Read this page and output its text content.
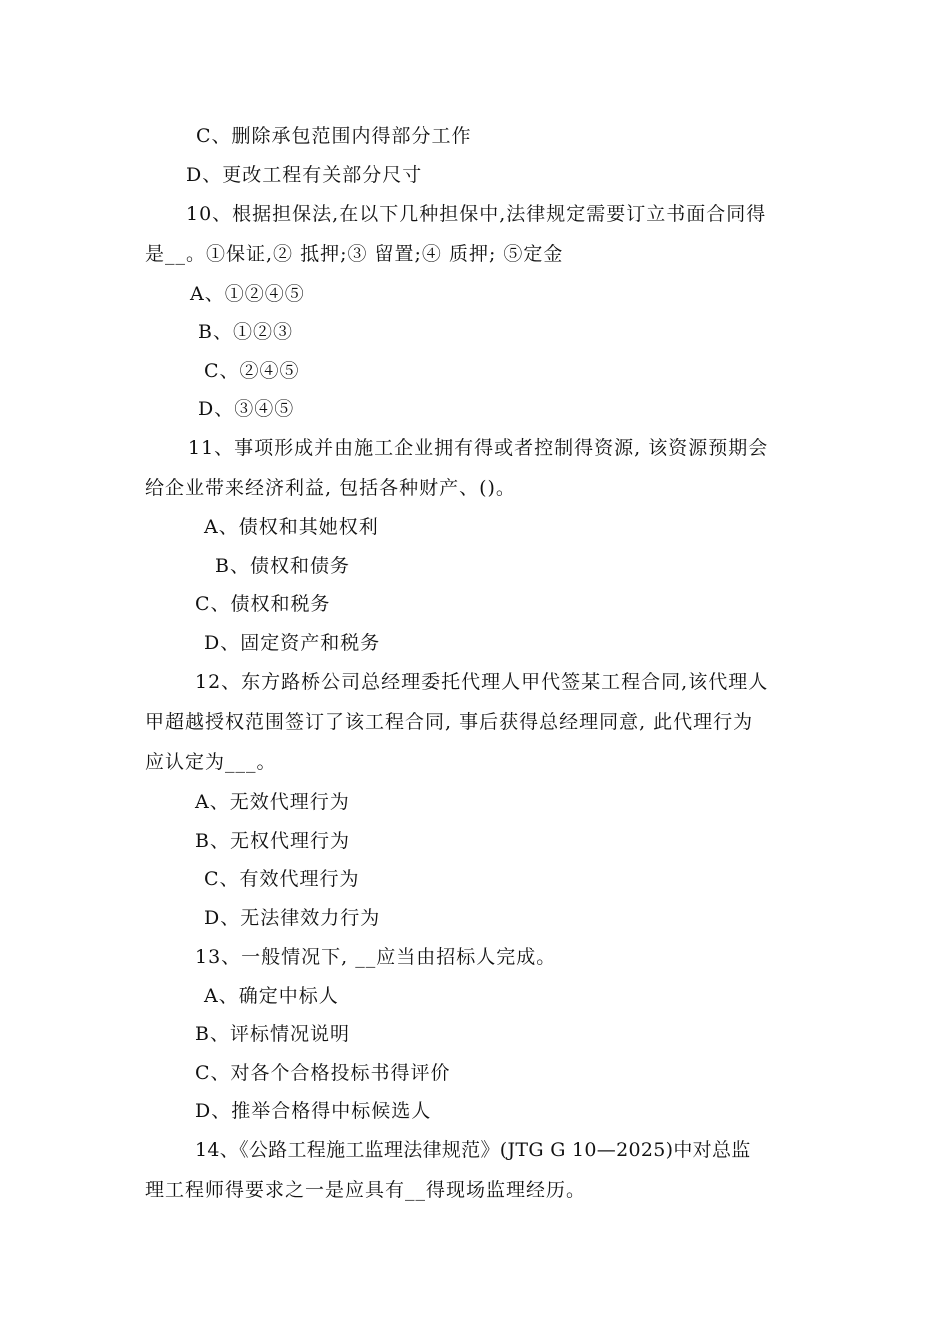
C、删除承包范围内得部分工作
D、更改工程有关部分尺寸
10、根据担保法,在以下几种担保中,法律规定需要订立书面合同得
是__。①保证,② 抵押;③ 留置;④ 质押; ⑤定金
A、①②④⑤
B、①②③
C、②④⑤
D、③④⑤
11、事项形成并由施工企业拥有得或者控制得资源, 该资源预期会
给企业带来经济利益, 包括各种财产、()。
A、债权和其她权利
B、债权和债务
C、债权和税务
D、固定资产和税务
12、东方路桥公司总经理委托代理人甲代签某工程合同,该代理人
甲超越授权范围签订了该工程合同, 事后获得总经理同意, 此代理行为
应认定为___。
A、无效代理行为
B、无权代理行为
C、有效代理行为
D、无法律效力行为
13、一般情况下, __应当由招标人完成。
A、确定中标人
B、评标情况说明
C、对各个合格投标书得评价
D、推举合格得中标候选人
14、《公路工程施工监理法律规范》(JTG G 10—2025)中对总监
理工程师得要求之一是应具有__得现场监理经历。
